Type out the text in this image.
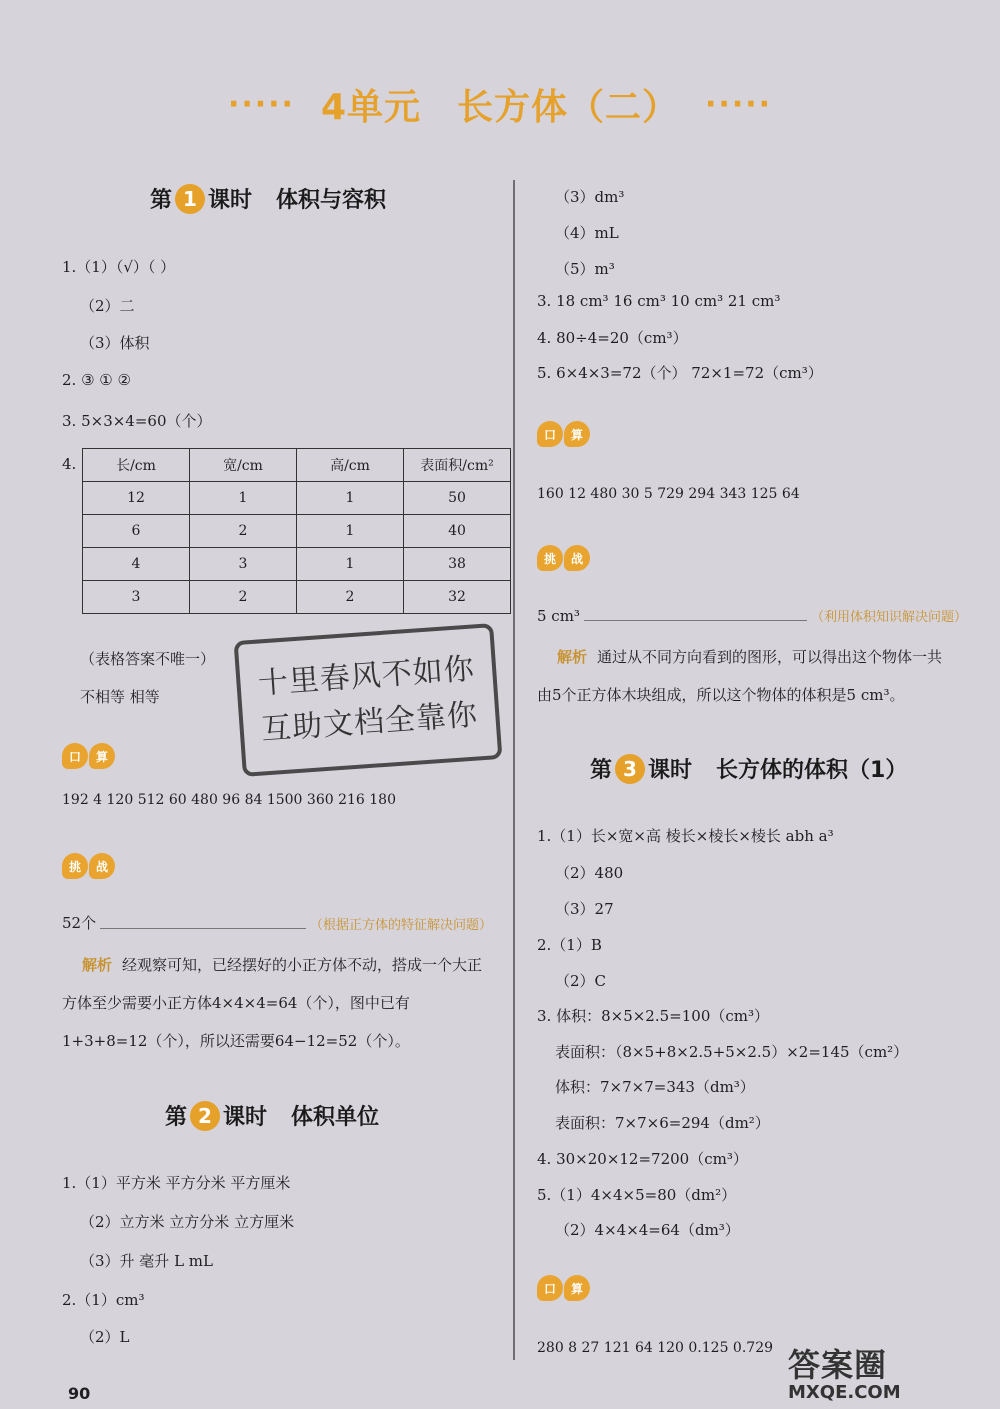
····· 4单元 长方体（二） ·····
第 1 课时 体积与容积
1.（1）（√）（ ）
（2）二
（3）体积
2. ③ ① ②
3. 5×3×4=60（个）
4.	长/cm	宽/cm	高/cm	表面积/cm²
12	1	1	50
6	2	1	40
4	3	1	38
3	2	2	32
（表格答案不唯一）
不相等 相等
口	算
192 4 120 512 60 480 96 84 1500 360 216 180
挑	战
52个	（根据正方体的特征解决问题）
解析 经观察可知，已经摆好的小正方体不动，搭成一个大正方体至少需要小正方体4×4×4=64（个），图中已有1+3+8=12（个），所以还需要64−12=52（个）。
第 2 课时 体积单位
1.（1）平方米 平方分米 平方厘米
（2）立方米 立方分米 立方厘米
（3）升 毫升 L mL
2.（1）cm³
（2）L
（3）dm³
（4）mL
（5）m³
3. 18 cm³ 16 cm³ 10 cm³ 21 cm³
4. 80÷4=20（cm³）
5. 6×4×3=72（个） 72×1=72（cm³）
口	算
160 12 480 30 5 729 294 343 125 64
挑	战
5 cm³	（利用体积知识解决问题）
解析 通过从不同方向看到的图形，可以得出这个物体一共由5个正方体木块组成，所以这个物体的体积是5 cm³。
第 3 课时 长方体的体积（1）
1.（1）长×宽×高 棱长×棱长×棱长 abh a³
（2）480
（3）27
2.（1）B
（2）C
3. 体积：8×5×2.5=100（cm³）
表面积：（8×5+8×2.5+5×2.5）×2=145（cm²）
体积：7×7×7=343（dm³）
表面积：7×7×6=294（dm²）
4. 30×20×12=7200（cm³）
5.（1）4×4×5=80（dm²）
（2）4×4×4=64（dm³）
口	算
280 8 27 121 64 120 0.125 0.729
十里春风不如你
互助文档全靠你
90
答案圈
MXQE.COM
